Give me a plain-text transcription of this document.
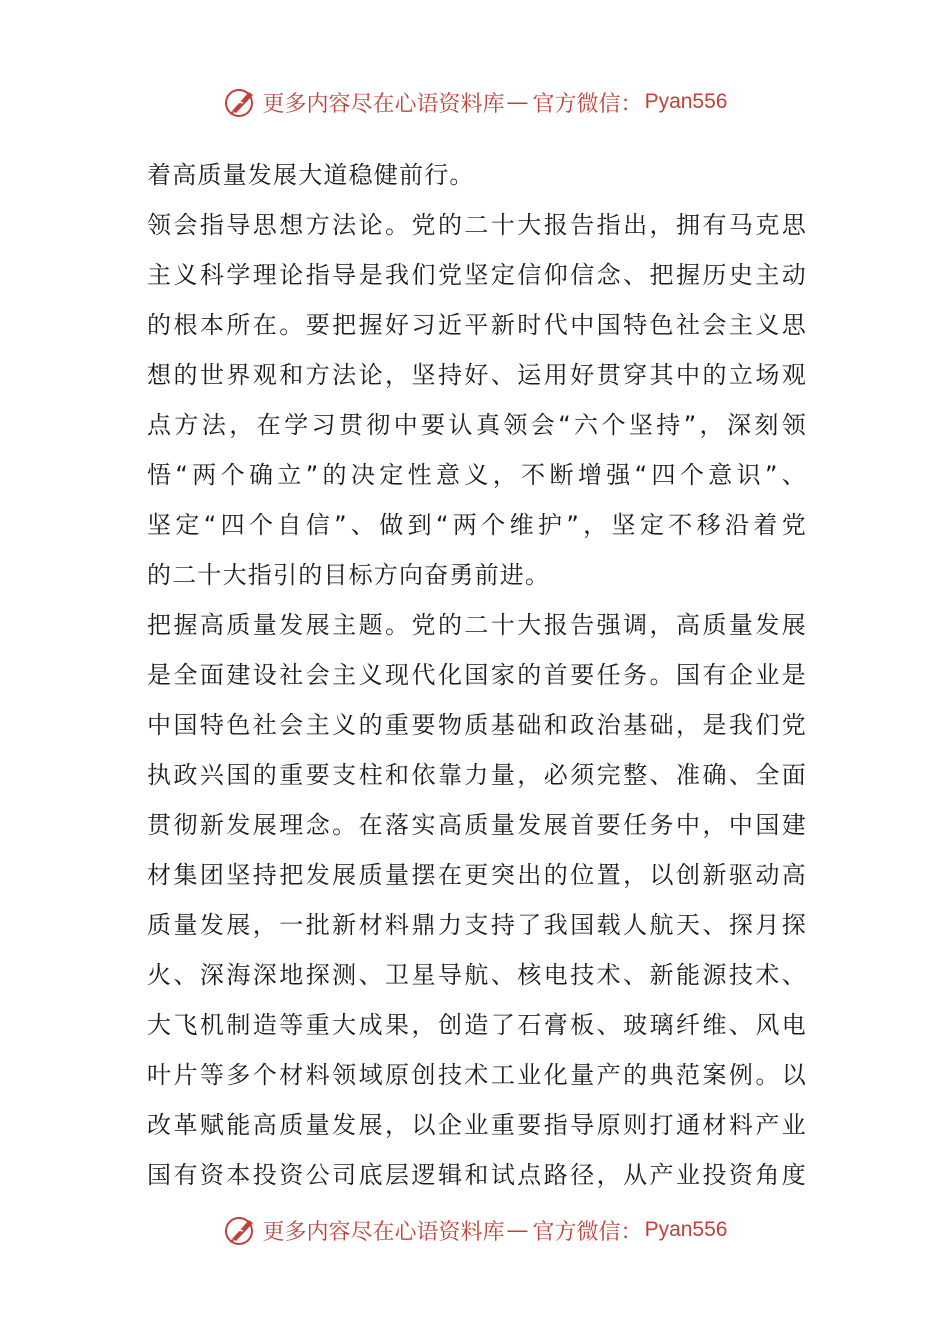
更多内容尽在心语资料库 — 官方微信： Pyan556
着高质量发展大道稳健前行。
领会指导思想方法论。党的二十大报告指出，拥有马克思
主义科学理论指导是我们党坚定信仰信念、把握历史主动
的根本所在。要把握好习近平新时代中国特色社会主义思
想的世界观和方法论，坚持好、运用好贯穿其中的立场观
点方法，在学习贯彻中要认真领会“六个坚持”，深刻领
悟“两个确立”的决定性意义，不断增强“四个意识”、
坚定“四个自信”、做到“两个维护”，坚定不移沿着党
的二十大指引的目标方向奋勇前进。
把握高质量发展主题。党的二十大报告强调，高质量发展
是全面建设社会主义现代化国家的首要任务。国有企业是
中国特色社会主义的重要物质基础和政治基础，是我们党
执政兴国的重要支柱和依靠力量，必须完整、准确、全面
贯彻新发展理念。在落实高质量发展首要任务中，中国建
材集团坚持把发展质量摆在更突出的位置，以创新驱动高
质量发展，一批新材料鼎力支持了我国载人航天、探月探
火、深海深地探测、卫星导航、核电技术、新能源技术、
大飞机制造等重大成果，创造了石膏板、玻璃纤维、风电
叶片等多个材料领域原创技术工业化量产的典范案例。以
改革赋能高质量发展，以企业重要指导原则打通材料产业
国有资本投资公司底层逻辑和试点路径，从产业投资角度
更多内容尽在心语资料库 — 官方微信： Pyan556
